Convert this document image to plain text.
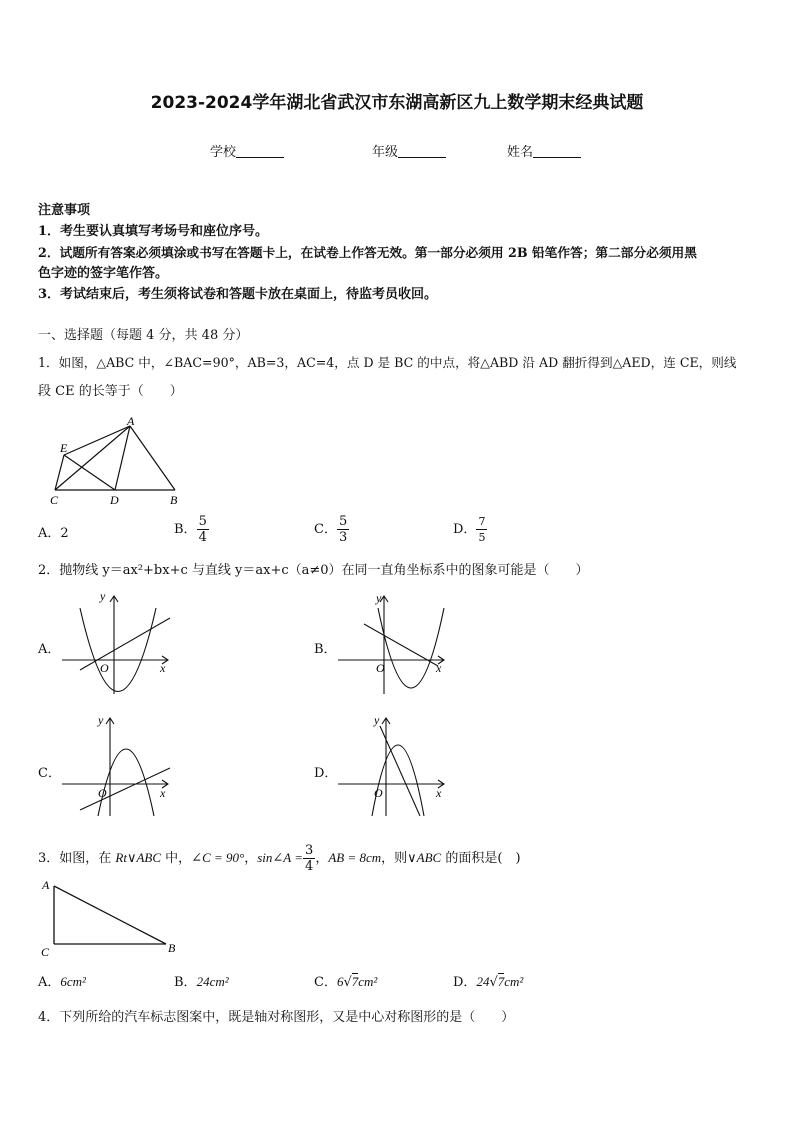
2023-2024学年湖北省武汉市东湖高新区九上数学期末经典试题
学校	年级	姓名
注意事项
1．考生要认真填写考场号和座位序号。
2．试题所有答案必须填涂或书写在答题卡上，在试卷上作答无效。第一部分必须用 2B 铅笔作答；第二部分必须用黑
色字迹的签字笔作答。
3．考试结束后，考生须将试卷和答题卡放在桌面上，待监考员收回。
一、选择题（每题 4 分，共 48 分）
1．如图，△ABC 中，∠BAC=90°，AB=3，AC=4，点 D 是 BC 的中点，将△ABD 沿 AD 翻折得到△AED，连 CE，则线
段 CE 的长等于（　　）
A
E
C	D	B
A．2	B． $\frac{5}{4}$	C． $\frac{5}{3}$	D． $\frac{7}{5}$
2．抛物线 y＝ax²+bx+c 与直线 y＝ax+c（a≠0）在同一直角坐标系中的图象可能是（　　）
A．
y
O	x
B．
y
O	x
C．
y
O	x
D．
y
O	x
3．如图，在 Rt∨ABC 中，∠C = 90°，sin∠A = $\frac{3}{4}$ ，AB = 8cm，则∨ABC 的面积是(　)
A
C	B
A．6cm²	B．24cm²	C．6√7cm²	D．24√7cm²
4．下列所给的汽车标志图案中，既是轴对称图形，又是中心对称图形的是（　　）
